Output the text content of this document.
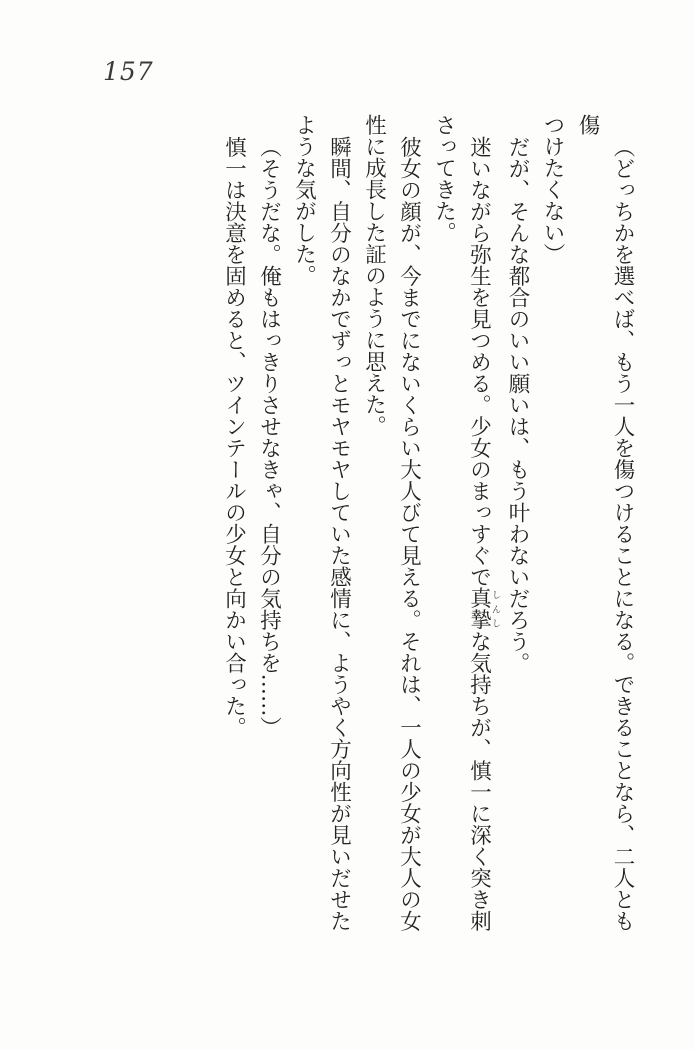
157
（どっちかを選べば、もう一人を傷つけることになる。できることなら、二人とも傷
つけたくない）
だが、そんな都合のいい願いは、もう叶わないだろう。
迷いながら弥生を見つめる。少女のまっすぐで真摯しんしな気持ちが、慎一に深く突き刺
さってきた。
彼女の顔が、今までにないくらい大人びて見える。それは、一人の少女が大人の女
性に成長した証のように思えた。
瞬間、自分のなかでずっとモヤモヤしていた感情に、ようやく方向性が見いだせた
ような気がした。
（そうだな。俺もはっきりさせなきゃ、自分の気持ちを……）
慎一は決意を固めると、ツインテールの少女と向かい合った。
